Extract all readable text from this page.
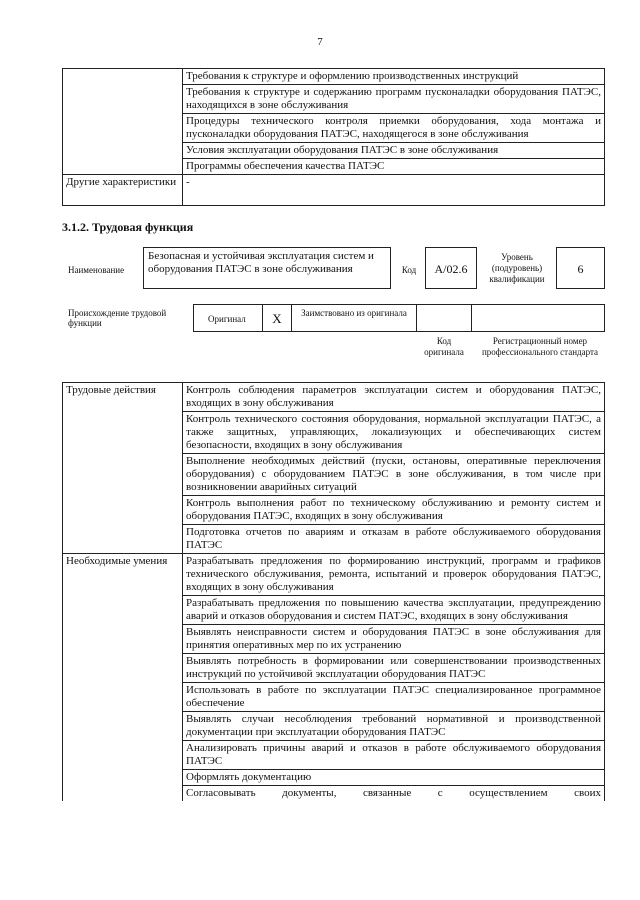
7
	Требования к структуре и оформлению производственных инструкций
	Требования к структуре и содержанию программ пусконаладки оборудования ПАТЭС, находящихся в зоне обслуживания
	Процедуры технического контроля приемки оборудования, хода монтажа и пусконаладки оборудования ПАТЭС, находящегося в зоне обслуживания
	Условия эксплуатации оборудования ПАТЭС в зоне обслуживания
	Программы обеспечения качества ПАТЭС
Другие характеристики	-
3.1.2. Трудовая функция
Наименование
Безопасная и устойчивая эксплуатация систем и оборудования ПАТЭС в зоне обслуживания	Код	A/02.6
Уровень (подуровень) квалификации
6
Происхождение трудовой функции	Оригинал	X	Заимствовано из оригинала
Код оригинала
Регистрационный номер профессионального стандарта
Трудовые действия	Контроль соблюдения параметров эксплуатации систем и оборудования ПАТЭС, входящих в зону обслуживания
	Контроль технического состояния оборудования, нормальной эксплуатации ПАТЭС, а также защитных, управляющих, локализующих и обеспечивающих систем безопасности, входящих в зону обслуживания
	Выполнение необходимых действий (пуски, остановы, оперативные переключения оборудования) с оборудованием ПАТЭС в зоне обслуживания, в том числе при возникновении аварийных ситуаций
	Контроль выполнения работ по техническому обслуживанию и ремонту систем и оборудования ПАТЭС, входящих в зону обслуживания
	Подготовка отчетов по авариям и отказам в работе обслуживаемого оборудования ПАТЭС
Необходимые умения	Разрабатывать предложения по формированию инструкций, программ и графиков технического обслуживания, ремонта, испытаний и проверок оборудования ПАТЭС, входящих в зону обслуживания
	Разрабатывать предложения по повышению качества эксплуатации, предупреждению аварий и отказов оборудования и систем ПАТЭС, входящих в зону обслуживания
	Выявлять неисправности систем и оборудования ПАТЭС в зоне обслуживания для принятия оперативных мер по их устранению
	Выявлять потребность в формировании или совершенствовании производственных инструкций по устойчивой эксплуатации оборудования ПАТЭС
	Использовать в работе по эксплуатации ПАТЭС специализированное программное обеспечение
	Выявлять случаи несоблюдения требований нормативной и производственной документации при эксплуатации оборудования ПАТЭС
	Анализировать причины аварий и отказов в работе обслуживаемого оборудования ПАТЭС
	Оформлять документацию
	Согласовывать документы, связанные с осуществлением своих
